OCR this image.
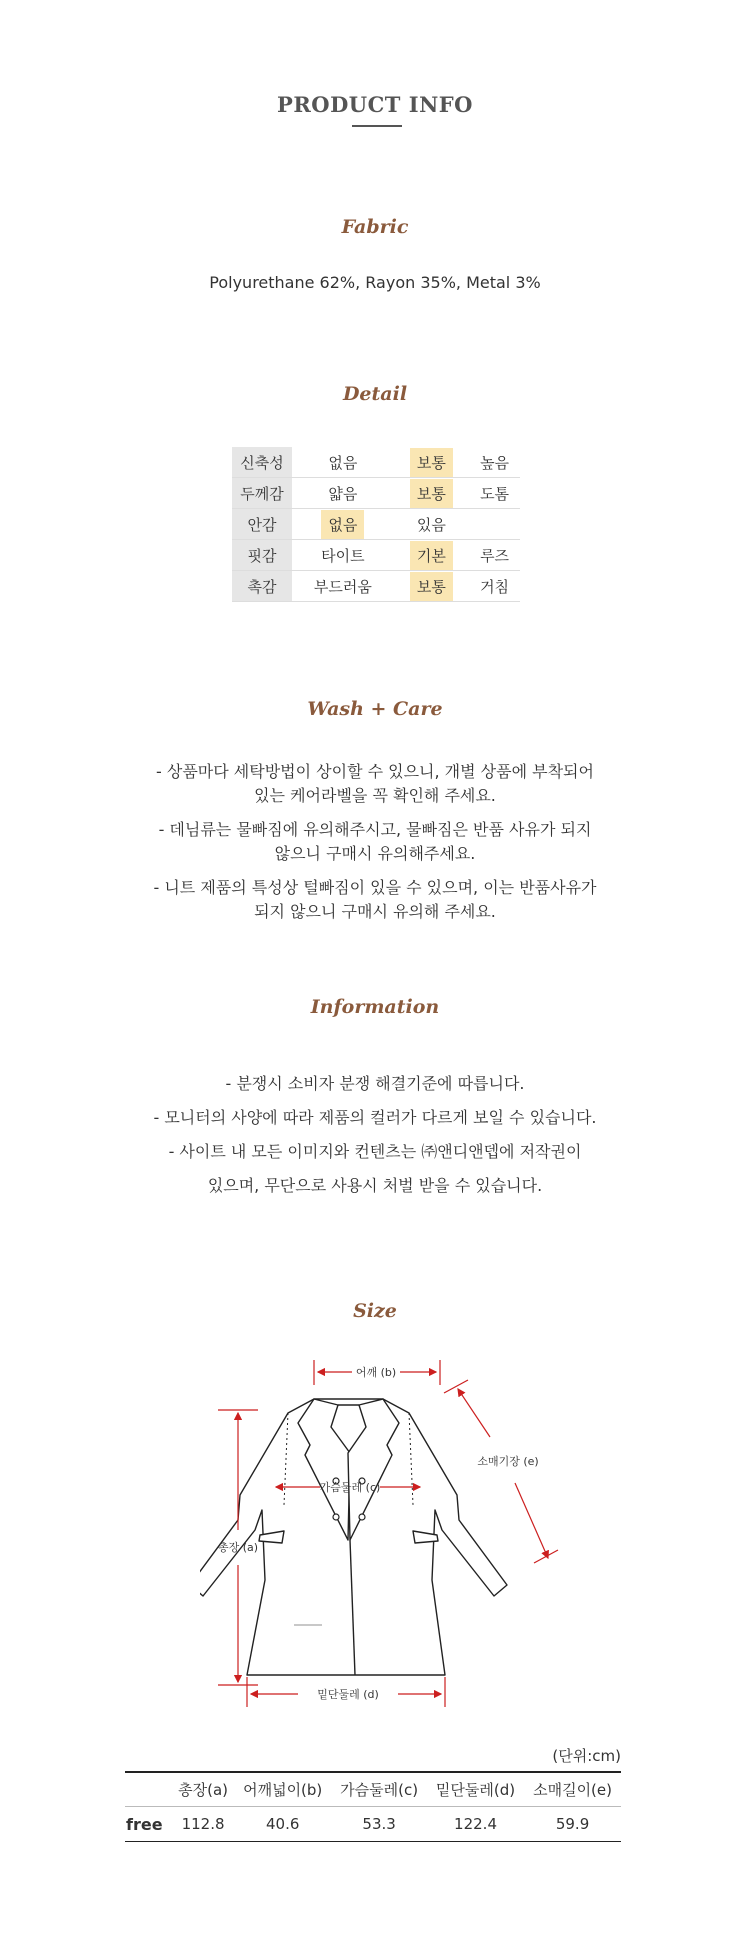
PRODUCT INFO
Fabric
Polyurethane 62%, Rayon 35%, Metal 3%
Detail
신축성	없음	보통	높음
두께감	얇음	보통	도톰
안감	없음	있음	
핏감	타이트	기본	루즈
촉감	부드러움	보통	거침
Wash + Care

- 상품마다 세탁방법이 상이할 수 있으니, 개별 상품에 부착되어
있는 케어라벨을 꼭 확인해 주세요.

- 데님류는 물빠짐에 유의해주시고, 물빠짐은 반품 사유가 되지
않으니 구매시 유의해주세요.

- 니트 제품의 특성상 털빠짐이 있을 수 있으며, 이는 반품사유가
되지 않으니 구매시 유의해 주세요.

Information

- 분쟁시 소비자 분쟁 해결기준에 따릅니다.

- 모니터의 사양에 따라 제품의 컬러가 다르게 보일 수 있습니다.

- 사이트 내 모든 이미지와 컨텐츠는 ㈜앤디앤뎁에 저작권이

있으며, 무단으로 사용시 처벌 받을 수 있습니다.

Size
어깨 (b)
소매기장 (e)
가슴둘레 (c)
총장 (a)
밑단둘레 (d)
(단위:cm)
	총장(a)	어깨넓이(b)	가슴둘레(c)	밑단둘레(d)	소매길이(e)
free	112.8	40.6	53.3	122.4	59.9
